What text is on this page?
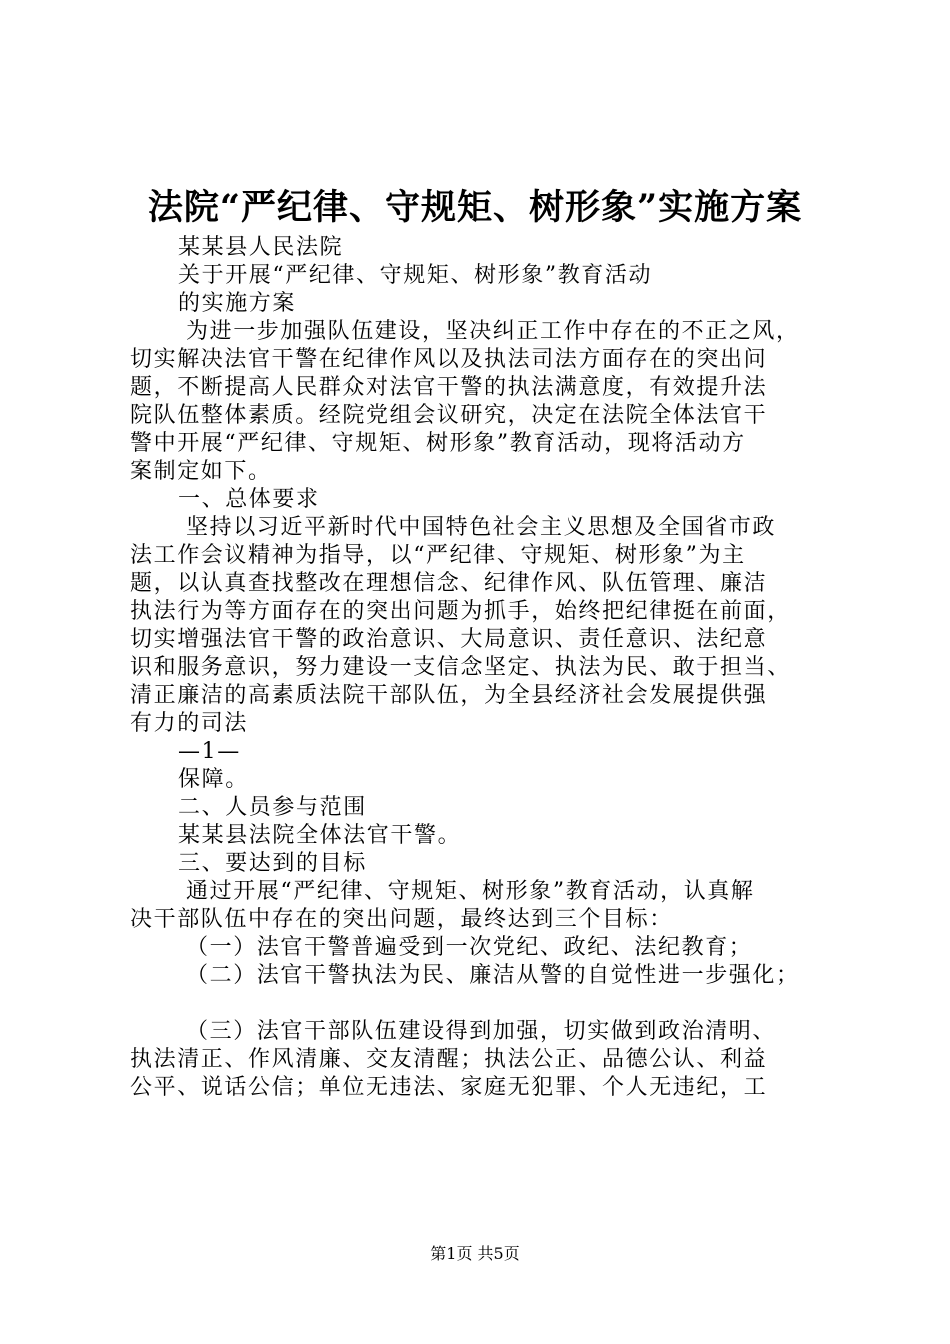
法院“严纪律、守规矩、树形象”实施方案
某某县人民法院
关于开展“严纪律、守规矩、树形象”教育活动
的实施方案
为进一步加强队伍建设，坚决纠正工作中存在的不正之风，
切实解决法官干警在纪律作风以及执法司法方面存在的突出问
题，不断提高人民群众对法官干警的执法满意度，有效提升法
院队伍整体素质。经院党组会议研究，决定在法院全体法官干
警中开展“严纪律、守规矩、树形象”教育活动，现将活动方
案制定如下。
一、总体要求
坚持以习近平新时代中国特色社会主义思想及全国省市政
法工作会议精神为指导，以“严纪律、守规矩、树形象”为主
题，以认真查找整改在理想信念、纪律作风、队伍管理、廉洁
执法行为等方面存在的突出问题为抓手，始终把纪律挺在前面，
切实增强法官干警的政治意识、大局意识、责任意识、法纪意
识和服务意识，努力建设一支信念坚定、执法为民、敢于担当、
清正廉洁的高素质法院干部队伍，为全县经济社会发展提供强
有力的司法
—1—
保障。
二、人员参与范围
某某县法院全体法官干警。
三、要达到的目标
通过开展“严纪律、守规矩、树形象”教育活动，认真解
决干部队伍中存在的突出问题，最终达到三个目标：
（一）法官干警普遍受到一次党纪、政纪、法纪教育；
（二）法官干警执法为民、廉洁从警的自觉性进一步强化；
（三）法官干部队伍建设得到加强，切实做到政治清明、
执法清正、作风清廉、交友清醒；执法公正、品德公认、利益
公平、说话公信；单位无违法、家庭无犯罪、个人无违纪，工
第1页 共5页
